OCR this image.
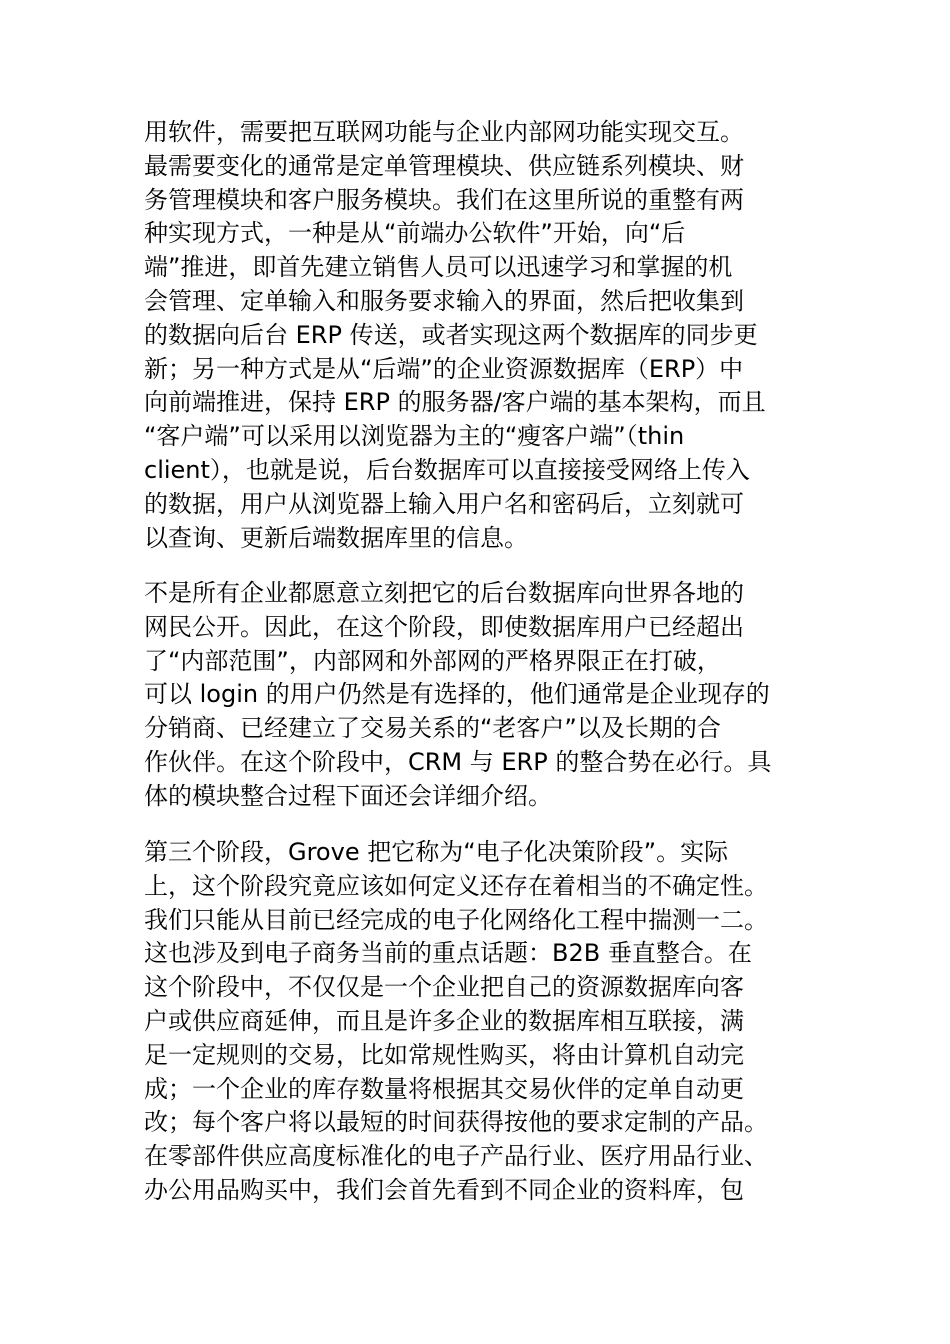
用软件，需要把互联网功能与企业内部网功能实现交互。
最需要变化的通常是定单管理模块、供应链系列模块、财
务管理模块和客户服务模块。我们在这里所说的重整有两
种实现方式，一种是从“前端办公软件”开始，向“后
端”推进，即首先建立销售人员可以迅速学习和掌握的机
会管理、定单输入和服务要求输入的界面，然后把收集到
的数据向后台 ERP 传送，或者实现这两个数据库的同步更
新；另一种方式是从“后端”的企业资源数据库（ERP）中
向前端推进，保持 ERP 的服务器/客户端的基本架构，而且
“客户端”可以采用以浏览器为主的“瘦客户端”（thin
client），也就是说，后台数据库可以直接接受网络上传入
的数据，用户从浏览器上输入用户名和密码后，立刻就可
以查询、更新后端数据库里的信息。
不是所有企业都愿意立刻把它的后台数据库向世界各地的
网民公开。因此，在这个阶段，即使数据库用户已经超出
了“内部范围”，内部网和外部网的严格界限正在打破，
可以 login 的用户仍然是有选择的，他们通常是企业现存的
分销商、已经建立了交易关系的“老客户”以及长期的合
作伙伴。在这个阶段中，CRM 与 ERP 的整合势在必行。具
体的模块整合过程下面还会详细介绍。
第三个阶段，Grove 把它称为“电子化决策阶段”。实际
上，这个阶段究竟应该如何定义还存在着相当的不确定性。
我们只能从目前已经完成的电子化网络化工程中揣测一二。
这也涉及到电子商务当前的重点话题：B2B 垂直整合。在
这个阶段中，不仅仅是一个企业把自己的资源数据库向客
户或供应商延伸，而且是许多企业的数据库相互联接，满
足一定规则的交易，比如常规性购买，将由计算机自动完
成；一个企业的库存数量将根据其交易伙伴的定单自动更
改；每个客户将以最短的时间获得按他的要求定制的产品。
在零部件供应高度标准化的电子产品行业、医疗用品行业、
办公用品购买中，我们会首先看到不同企业的资料库，包
